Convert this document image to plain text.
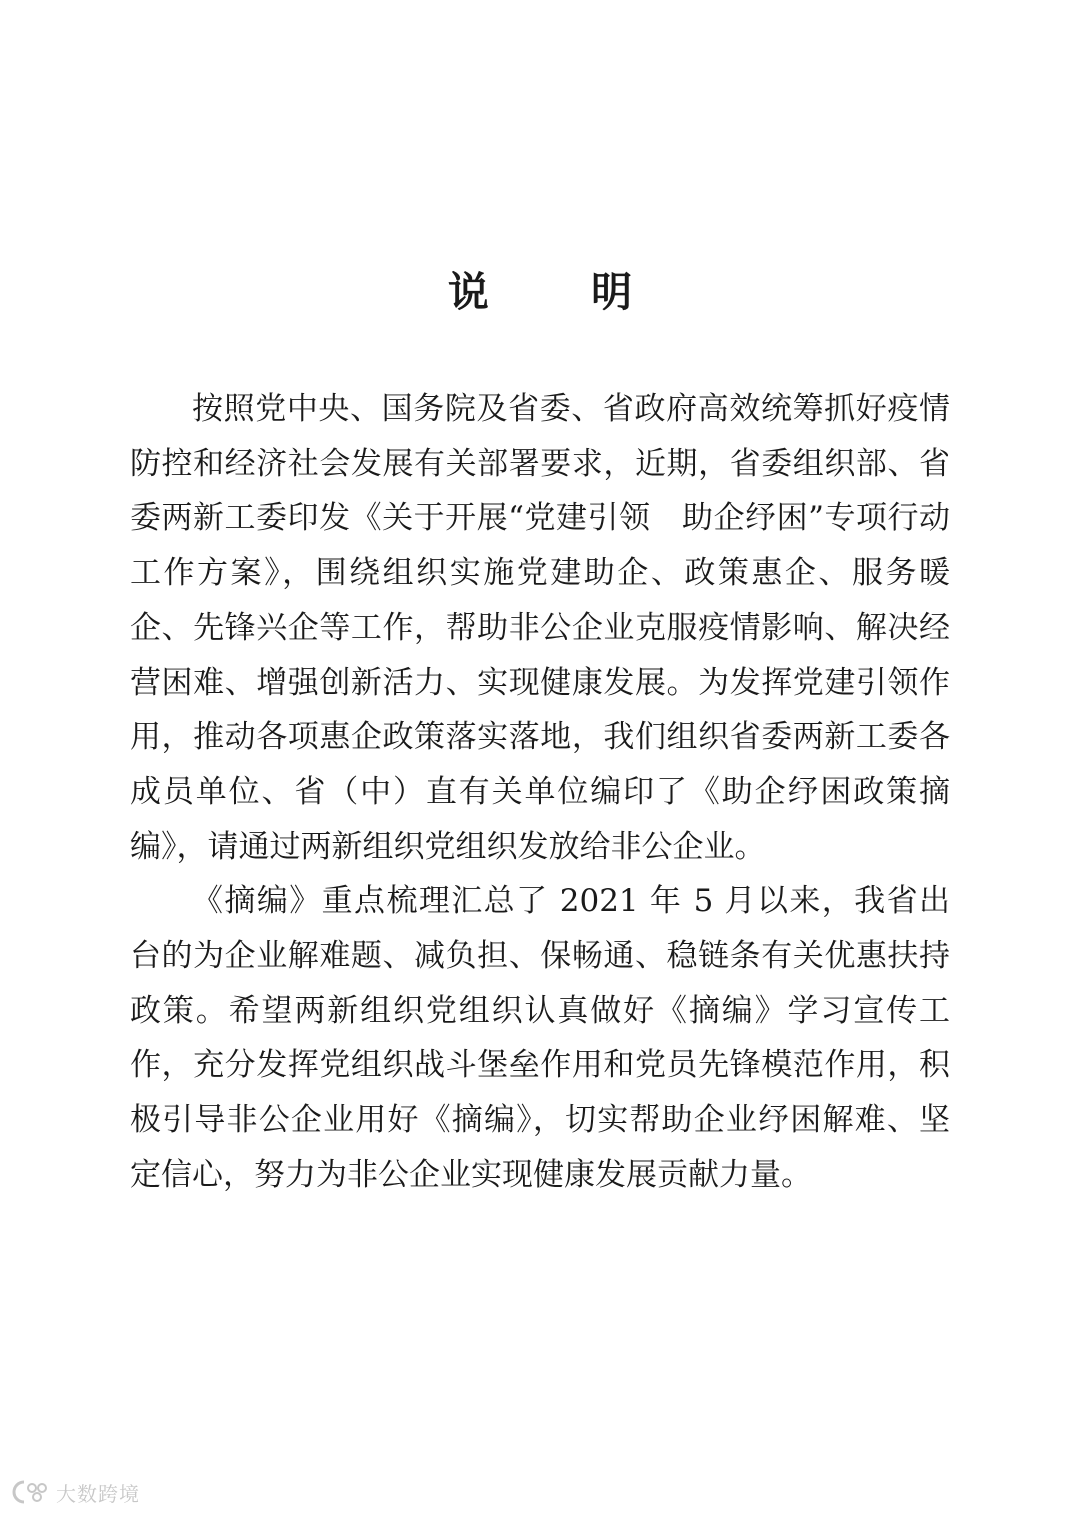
说 明

按照党中央、国务院及省委、省政府高效统筹抓好疫情防控和经济社会发展有关部署要求，近期，省委组织部、省委两新工委印发《关于开展“党建引领　助企纾困”专项行动工作方案》，围绕组织实施党建助企、政策惠企、服务暖企、先锋兴企等工作，帮助非公企业克服疫情影响、解决经营困难、增强创新活力、实现健康发展。为发挥党建引领作用，推动各项惠企政策落实落地，我们组织省委两新工委各成员单位、省（中）直有关单位编印了《助企纾困政策摘编》，请通过两新组织党组织发放给非公企业。

《摘编》重点梳理汇总了 2021 年 5 月以来，我省出台的为企业解难题、减负担、保畅通、稳链条有关优惠扶持政策。希望两新组织党组织认真做好《摘编》学习宣传工作，充分发挥党组织战斗堡垒作用和党员先锋模范作用，积极引导非公企业用好《摘编》，切实帮助企业纾困解难、坚定信心，努力为非公企业实现健康发展贡献力量。

大数跨境
